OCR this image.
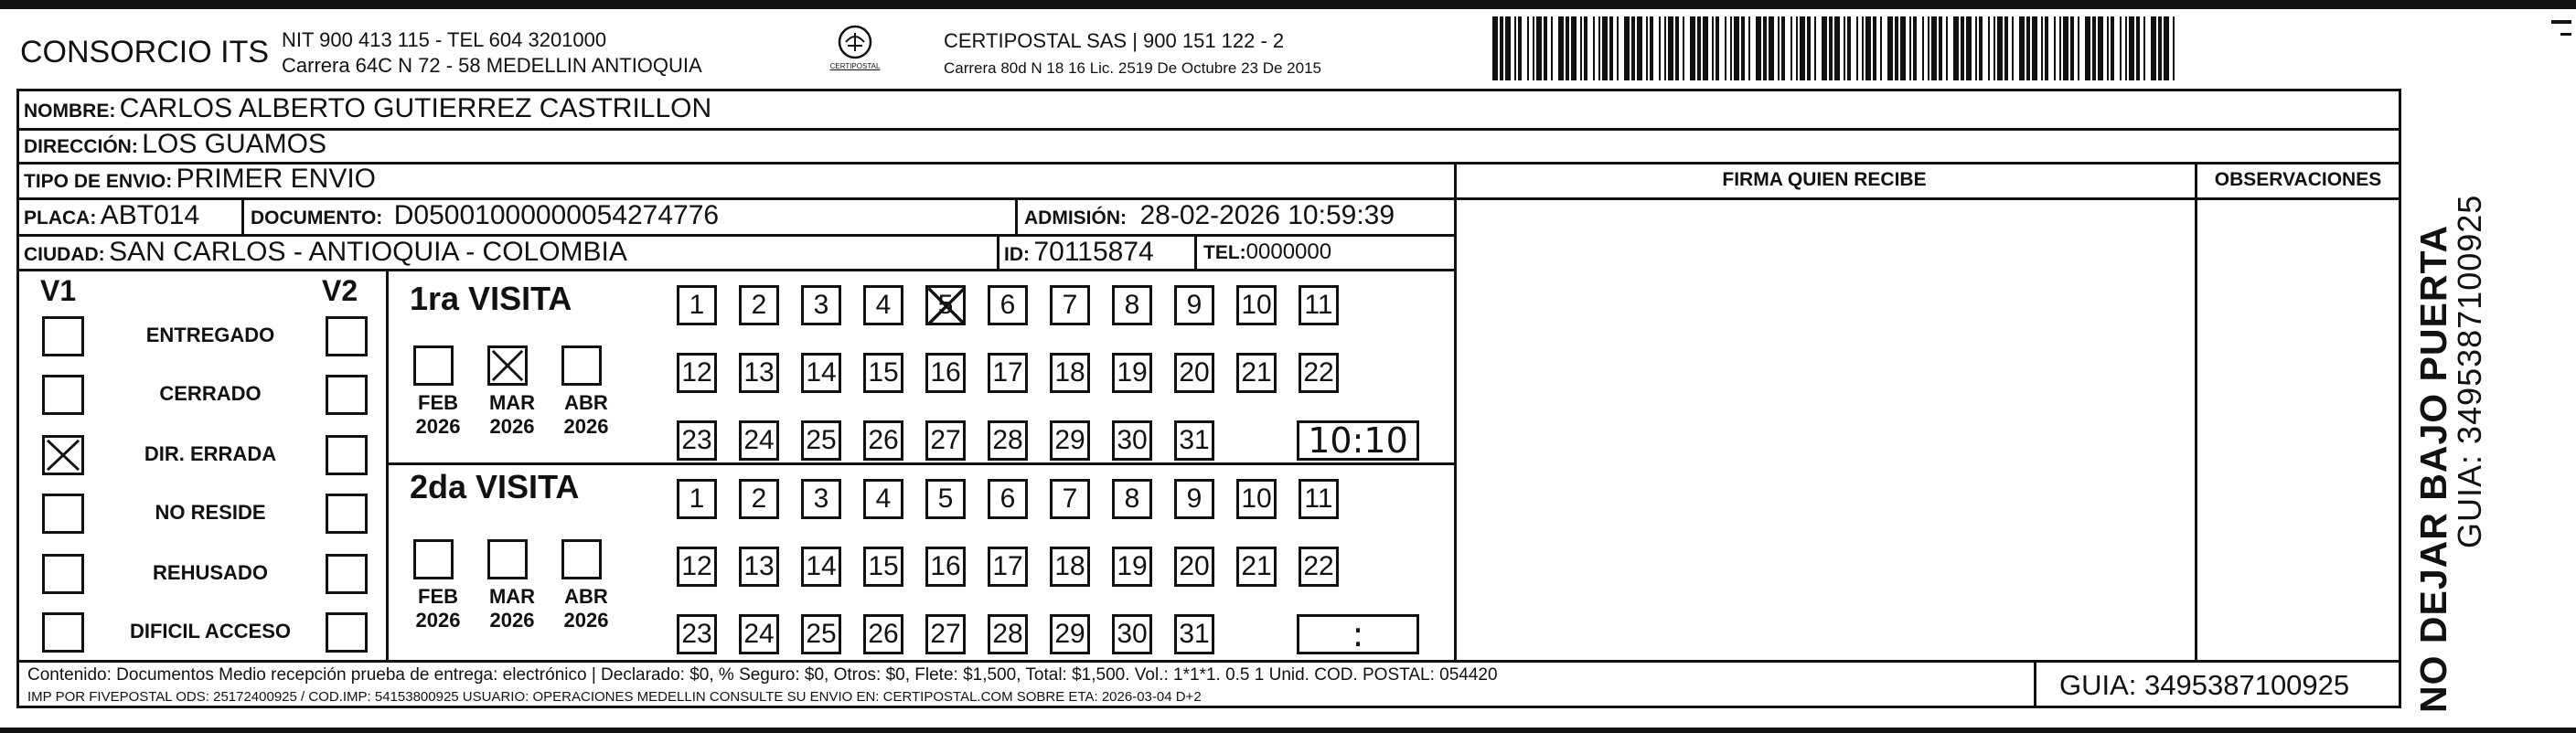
CONSORCIO ITS NIT 900 413 115 - TEL 604 3201000
Carrera 64C N 72 - 58 MEDELLIN ANTIOQUIA	CERTIPOSTAL
CERTIPOSTAL SAS | 900 151 122 - 2
Carrera 80d N 18 16 Lic. 2519 De Octubre 23 De 2015
NOMBRE: CARLOS ALBERTO GUTIERREZ CASTRILLON
DIRECCIÓN: LOS GUAMOS
TIPO DE ENVIO: PRIMER ENVIO	FIRMA QUIEN RECIBE	OBSERVACIONES
PLACA: ABT014	DOCUMENTO: D05001000000054274776	ADMISIÓN: 28-02-2026 10:59:39
CIUDAD: SAN CARLOS - ANTIOQUIA - COLOMBIA	ID: 70115874	TEL:0000000
V1	V2
ENTREGADO
CERRADO
DIR. ERRADA
NO RESIDE
REHUSADO
DIFICIL ACCESO
1ra VISITA
2da VISITA
FEB
2026
MAR
2026
ABR
2026
FEB
2026
MAR
2026
ABR
2026
1	2	3	4	5	6	7	8	9	10 11
12 13 14 15 16 17 18 19 20 21 22
23 24 25 26 27 28 29 30 31	10:10
1	2	3	4	5	6	7	8	9	10 11
12 13 14 15 16 17 18 19 20 21 22
23 24 25 26 27 28 29 30 31	:	NO DEJAR BAJO PUERTA
GUIA: 3495387100925
Contenido: Documentos Medio recepción prueba de entrega: electrónico | Declarado: $0, % Seguro: $0, Otros: $0, Flete: $1,500, Total: $1,500. Vol.: 1*1*1. 0.5 1 Unid. COD. POSTAL: 054420
IMP POR FIVEPOSTAL ODS: 25172400925 / COD.IMP: 54153800925 USUARIO: OPERACIONES MEDELLIN CONSULTE SU ENVIO EN: CERTIPOSTAL.COM SOBRE ETA: 2026-03-04 D+2	GUIA: 3495387100925
